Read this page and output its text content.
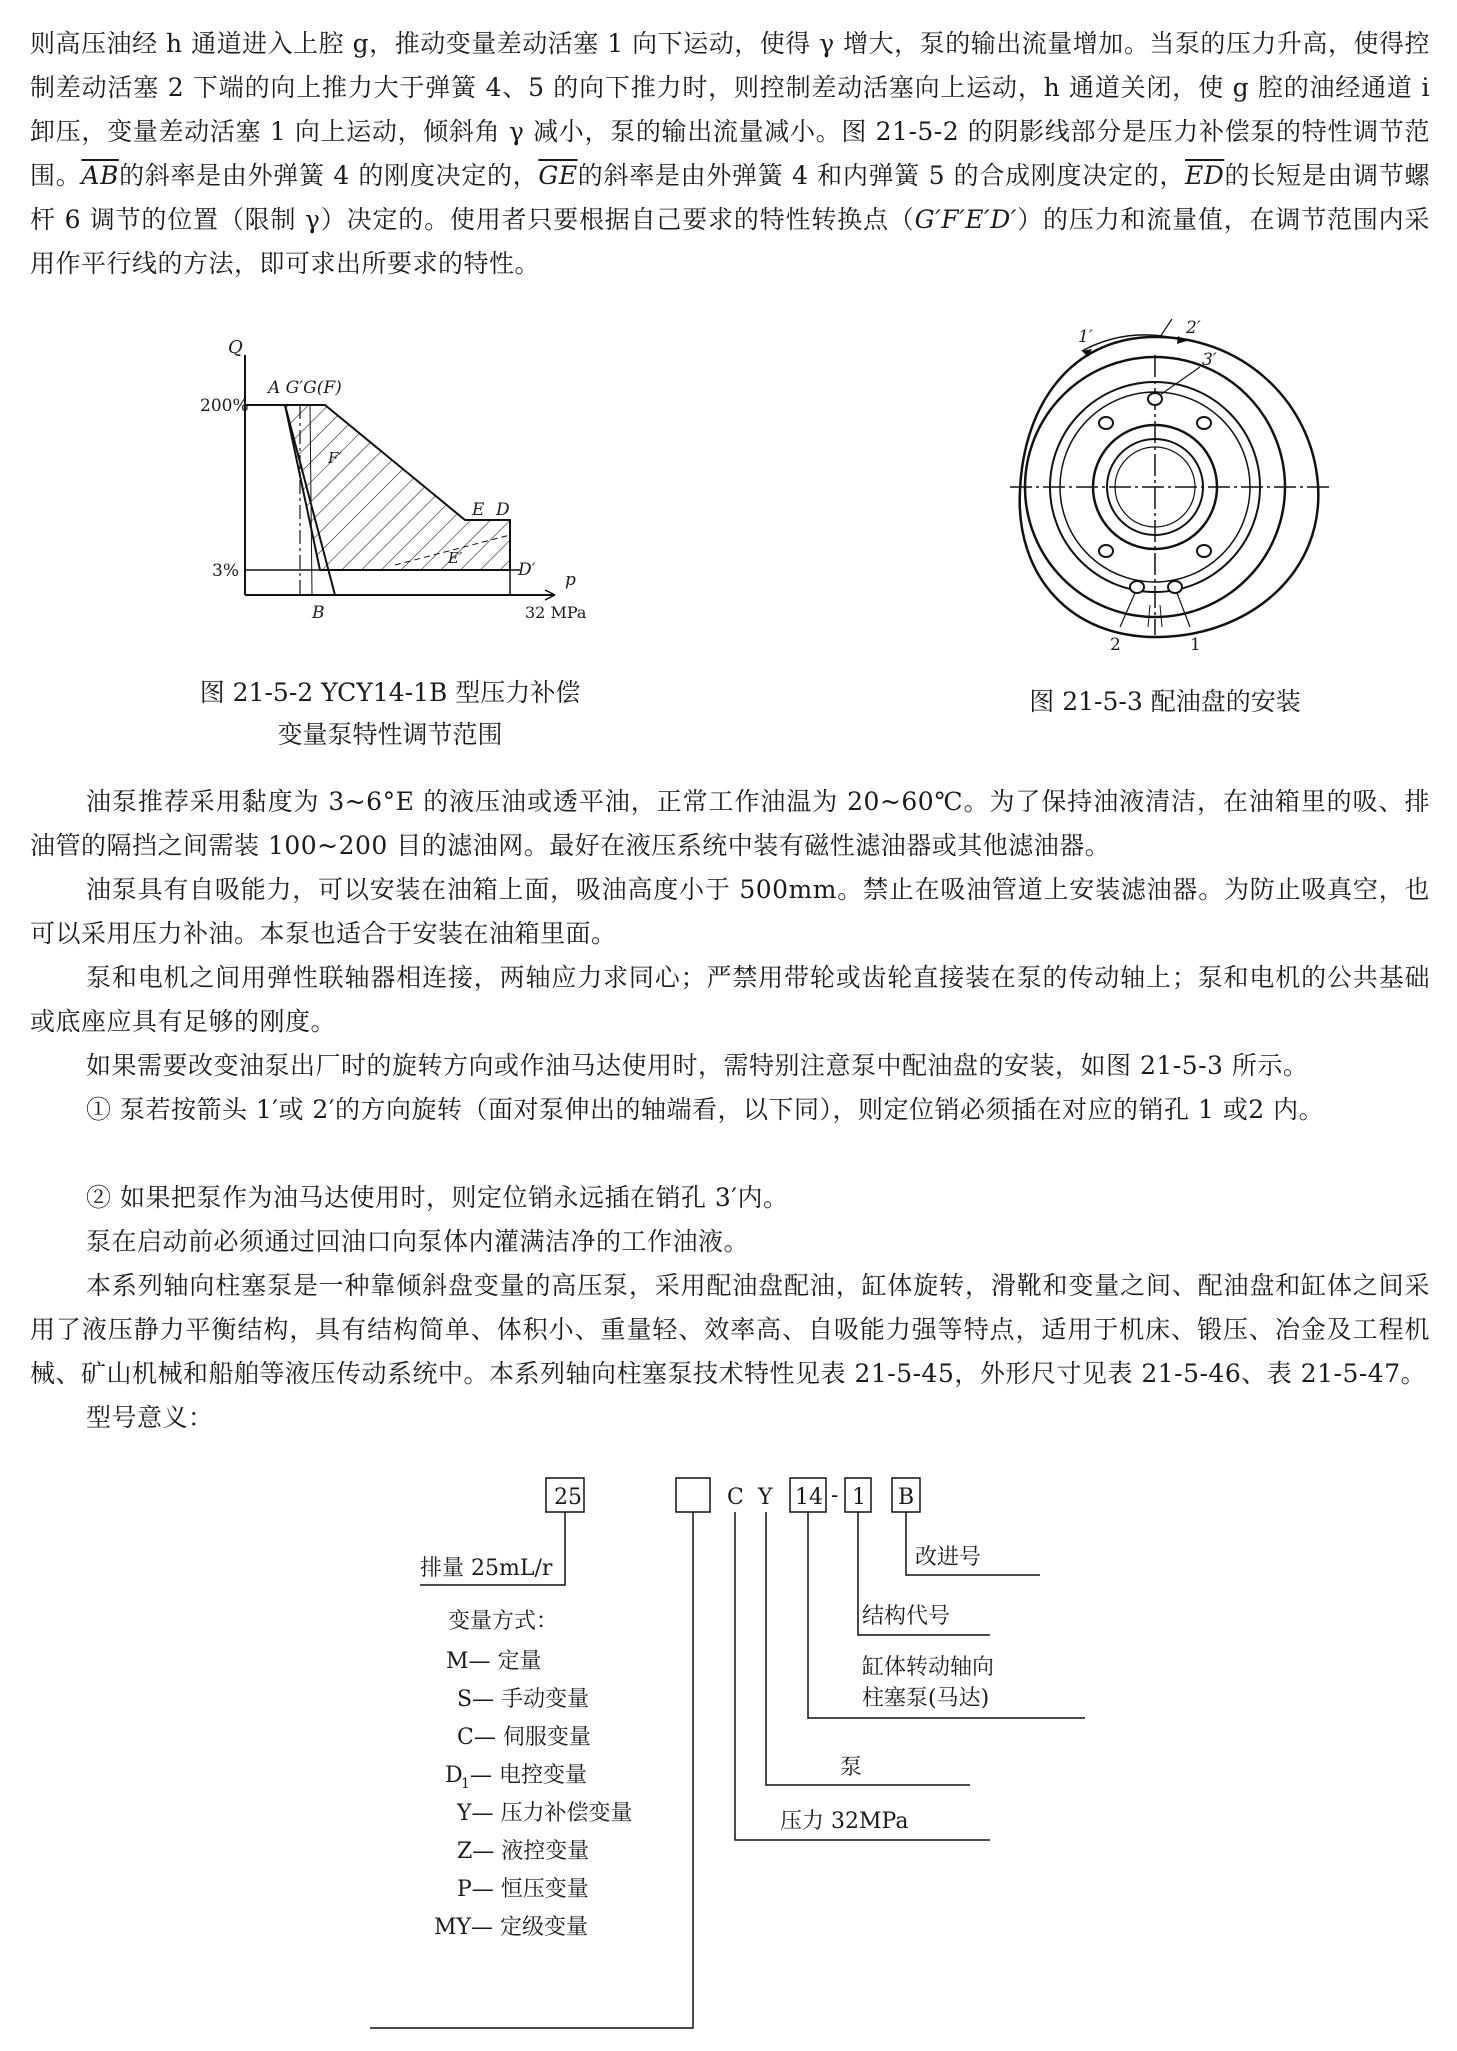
则高压油经 h 通道进入上腔 g，推动变量差动活塞 1 向下运动，使得 γ 增大，泵的输出流量增加。当泵的压力升高，使得控制差动活塞 2 下端的向上推力大于弹簧 4、5 的向下推力时，则控制差动活塞向上运动，h 通道关闭，使 g 腔的油经通道 i 卸压，变量差动活塞 1 向上运动，倾斜角 γ 减小，泵的输出流量减小。图 21-5-2 的阴影线部分是压力补偿泵的特性调节范围。$\overline{AB}$的斜率是由外弹簧 4 的刚度决定的，$\overline{GE}$的斜率是由外弹簧 4 和内弹簧 5 的合成刚度决定的，$\overline{ED}$的长短是由调节螺杆 6 调节的位置（限制 γ）决定的。使用者只要根据自己要求的特性转换点（G′F′E′D′）的压力和流量值，在调节范围内采用作平行线的方法，即可求出所要求的特性。

Q
200%
3%
A G′G(F)
F′
E D
E′
D′
B
p
32 MPa
图 21-5-2 YCY14-1B 型压力补偿
变量泵特性调节范围
1′	2′
3′
2	1
图 21-5-3 配油盘的安装

油泵推荐采用黏度为 3~6°E 的液压油或透平油，正常工作油温为 20~60℃。为了保持油液清洁，在油箱里的吸、排油管的隔挡之间需装 100~200 目的滤油网。最好在液压系统中装有磁性滤油器或其他滤油器。

油泵具有自吸能力，可以安装在油箱上面，吸油高度小于 500mm。禁止在吸油管道上安装滤油器。为防止吸真空，也可以采用压力补油。本泵也适合于安装在油箱里面。

泵和电机之间用弹性联轴器相连接，两轴应力求同心；严禁用带轮或齿轮直接装在泵的传动轴上；泵和电机的公共基础或底座应具有足够的刚度。

如果需要改变油泵出厂时的旋转方向或作油马达使用时，需特别注意泵中配油盘的安装，如图 21-5-3 所示。

① 泵若按箭头 1′或 2′的方向旋转（面对泵伸出的轴端看，以下同），则定位销必须插在对应的销孔 1 或2 内。

② 如果把泵作为油马达使用时，则定位销永远插在销孔 3′内。

泵在启动前必须通过回油口向泵体内灌满洁净的工作油液。

本系列轴向柱塞泵是一种靠倾斜盘变量的高压泵，采用配油盘配油，缸体旋转，滑靴和变量之间、配油盘和缸体之间采用了液压静力平衡结构，具有结构简单、体积小、重量轻、效率高、自吸能力强等特点，适用于机床、锻压、冶金及工程机械、矿山机械和船舶等液压传动系统中。本系列轴向柱塞泵技术特性见表 21-5-45，外形尺寸见表 21-5-46、表 21-5-47。

型号意义：

25	C Y 14 - 1 B
改进号
结构代号
缸体转动轴向
柱塞泵(马达)
泵
压力 32MPa
排量 25mL/r
变量方式：
M— 定量
S— 手动变量
C— 伺服变量
D
1 — 电控变量
Y— 压力补偿变量
Z— 液控变量
P— 恒压变量
MY— 定级变量
